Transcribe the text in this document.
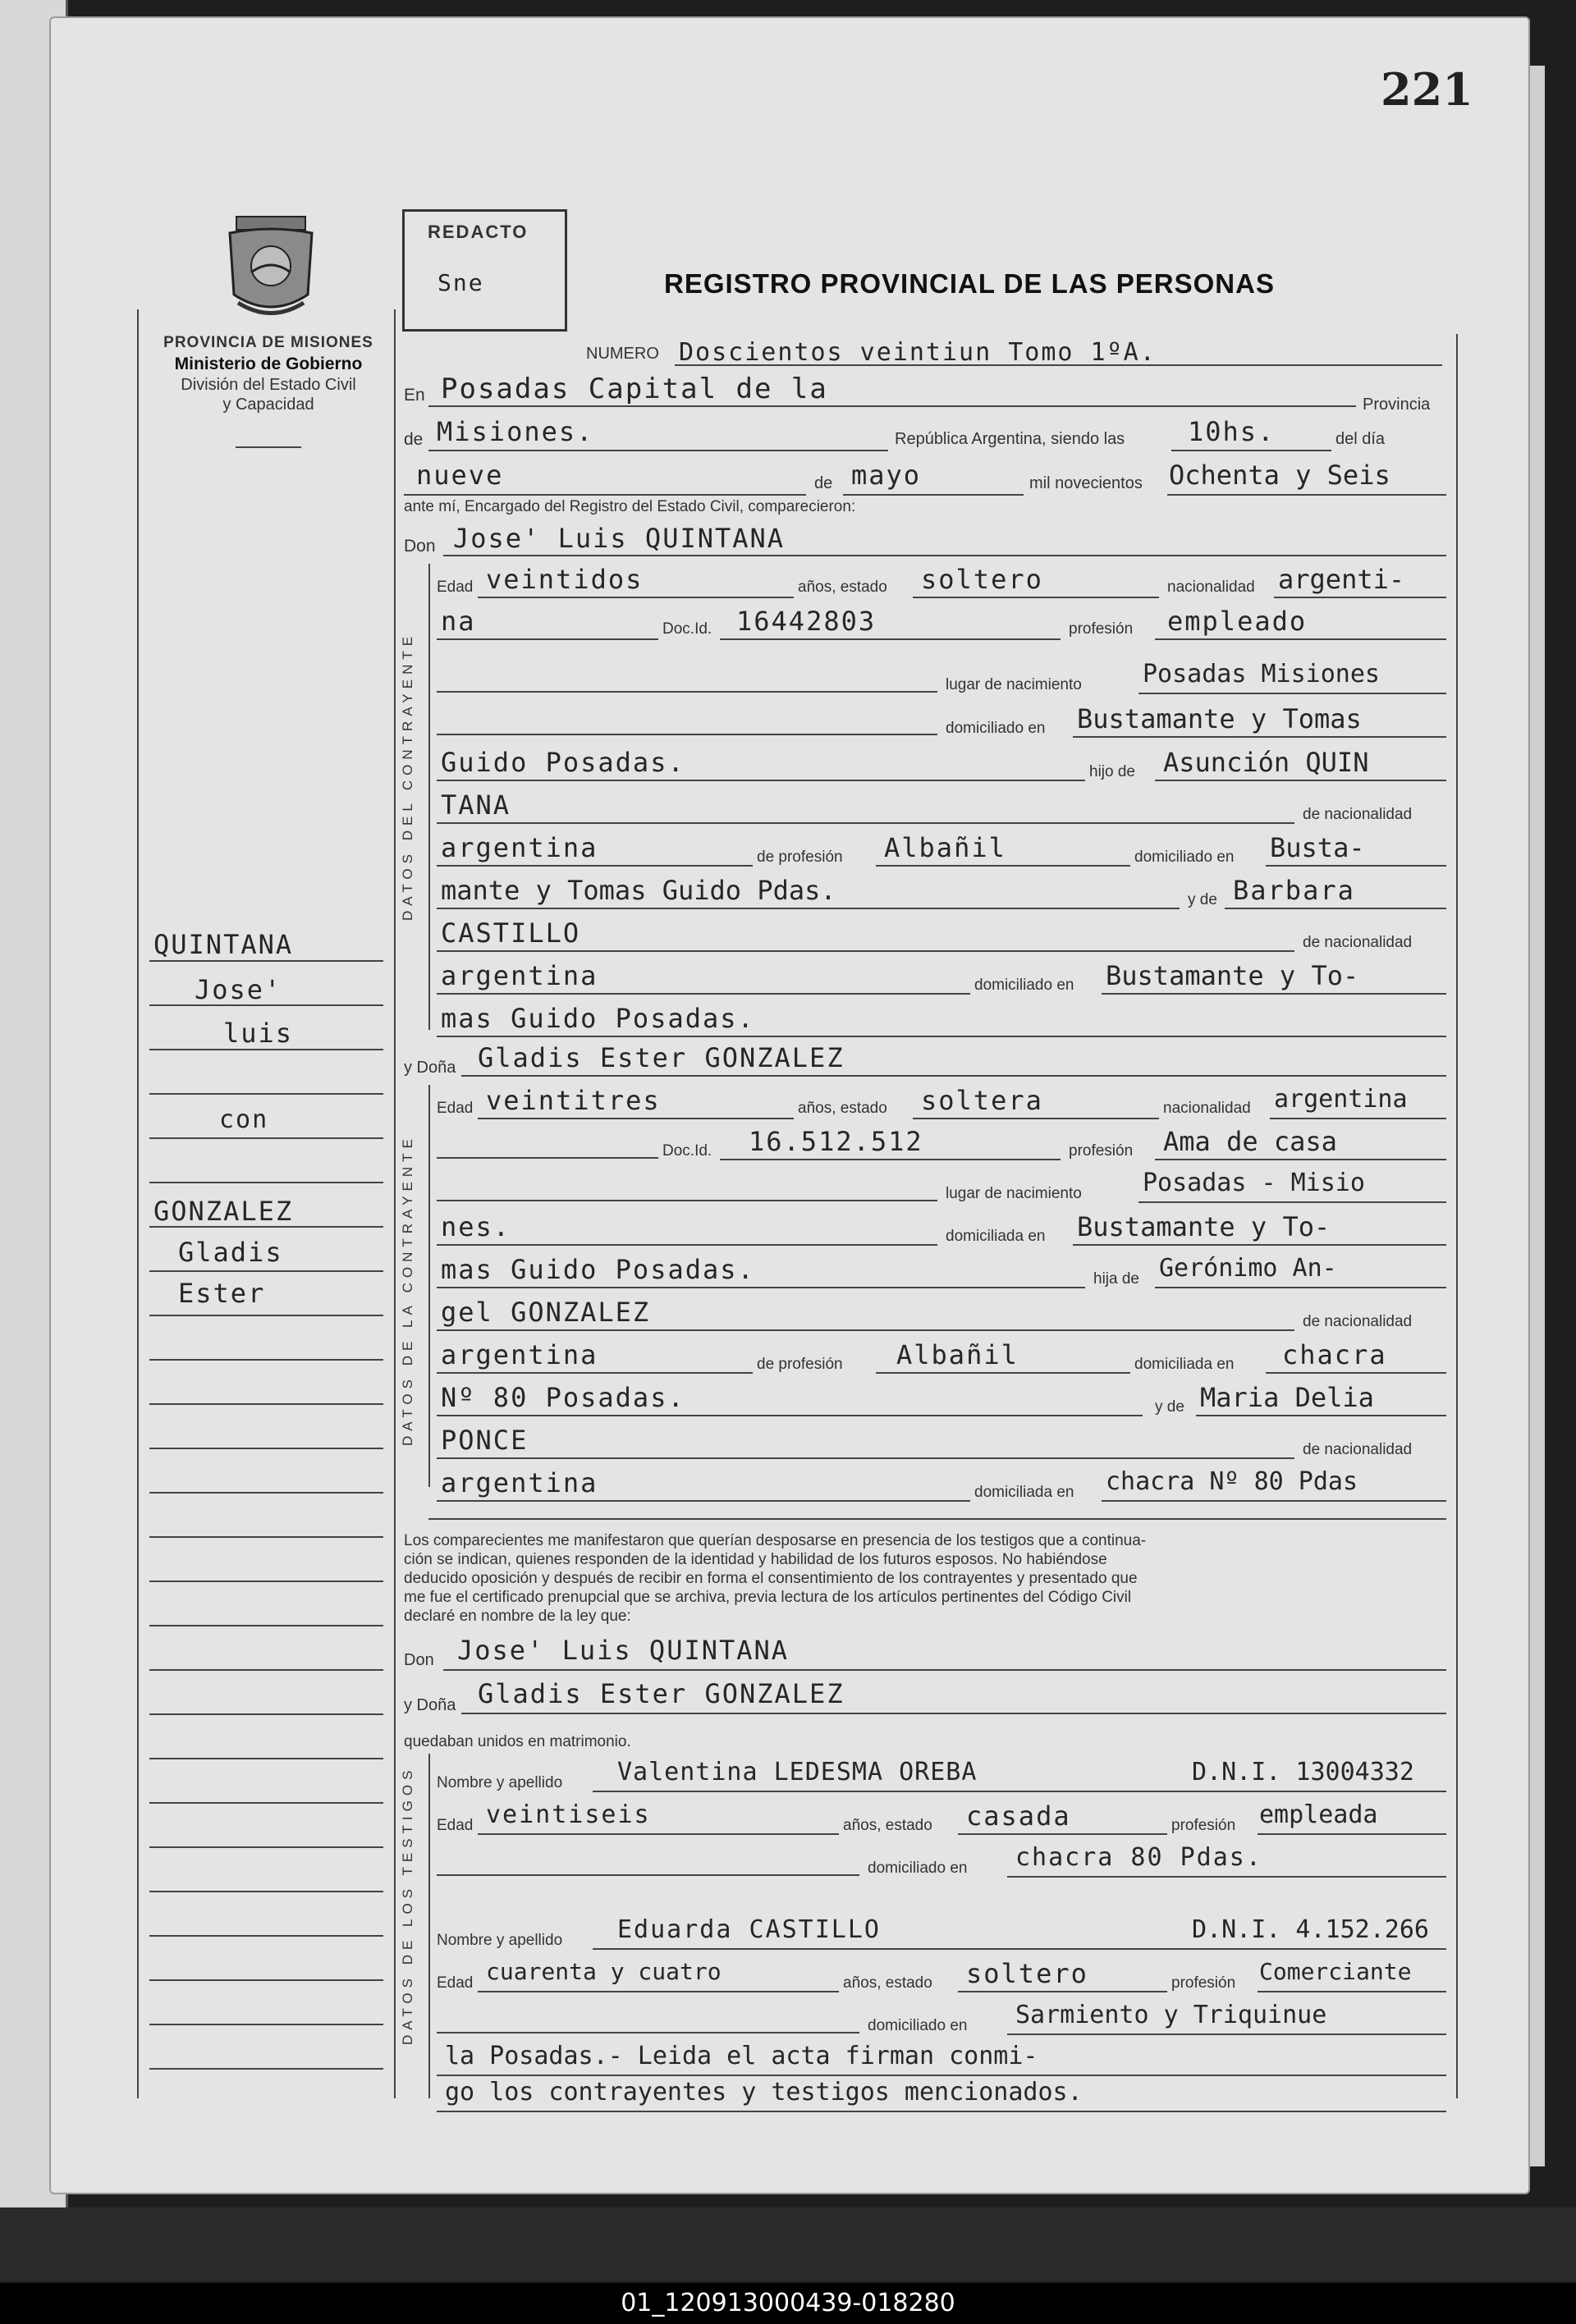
221
REDACTO
Sne	REGISTRO PROVINCIAL DE LAS PERSONAS
PROVINCIA DE MISIONES
Ministerio de Gobierno
División del Estado Civil
y Capacidad
QUINTANA
Jose'
luis
con
GONZALEZ
Gladis
Ester
NUMERO Doscientos veintiun Tomo 1ºA.
En Posadas Capital de la	Provincia
de Misiones.	República Argentina, siendo las 10hs.	del día
nueve	de mayo	mil novecientos Ochenta y Seis
ante mí, Encargado del Registro del Estado Civil, comparecieron:
Don Jose' Luis QUINTANA
DATOS DEL CONTRAYENTE
Edad veintidos	años, estado soltero	nacionalidad argenti-
na	Doc.Id. 16442803	profesión empleado
lugar de nacimiento Posadas Misiones
domiciliado en Bustamante y Tomas
Guido Posadas.	hijo de Asunción QUIN
TANA	de nacionalidad
argentina	de profesión Albañil	domiciliado en Busta-
mante y Tomas Guido Pdas.	y de Barbara
CASTILLO	de nacionalidad
argentina	domiciliado en Bustamante y To-
mas Guido Posadas.
y Doña Gladis Ester GONZALEZ
DATOS DE LA CONTRAYENTE
Edad veintitres	años, estado soltera	nacionalidad argentina
Doc.Id. 16.512.512	profesión Ama de casa
lugar de nacimiento Posadas - Misio
nes.	domiciliada en Bustamante y To-
mas Guido Posadas.	hija de Gerónimo An-
gel GONZALEZ	de nacionalidad
argentina	de profesión Albañil	domiciliada en chacra
Nº 80 Posadas.	y de Maria Delia
PONCE	de nacionalidad
argentina	domiciliada en chacra Nº 80 Pdas
Los comparecientes me manifestaron que querían desposarse en presencia de los testigos que a continua-
ción se indican, quienes responden de la identidad y habilidad de los futuros esposos. No habiéndose
deducido oposición y después de recibir en forma el consentimiento de los contrayentes y presentado que
me fue el certificado prenupcial que se archiva, previa lectura de los artículos pertinentes del Código Civil
declaré en nombre de la ley que:
Don Jose' Luis QUINTANA
y Doña Gladis Ester GONZALEZ
quedaban unidos en matrimonio.
DATOS DE LOS TESTIGOS Nombre y apellido Valentina LEDESMA OREBA	D.N.I. 13004332
Edad veintiseis	años, estado casada	profesión empleada
domiciliado en chacra 80 Pdas.
Nombre y apellido Eduarda CASTILLO	D.N.I. 4.152.266
Edad cuarenta y cuatro	años, estado soltero	profesión Comerciante
domiciliado en Sarmiento y Triquinue
la Posadas.- Leida el acta firman conmi-
go los contrayentes y testigos mencionados.
01_120913000439-018280
